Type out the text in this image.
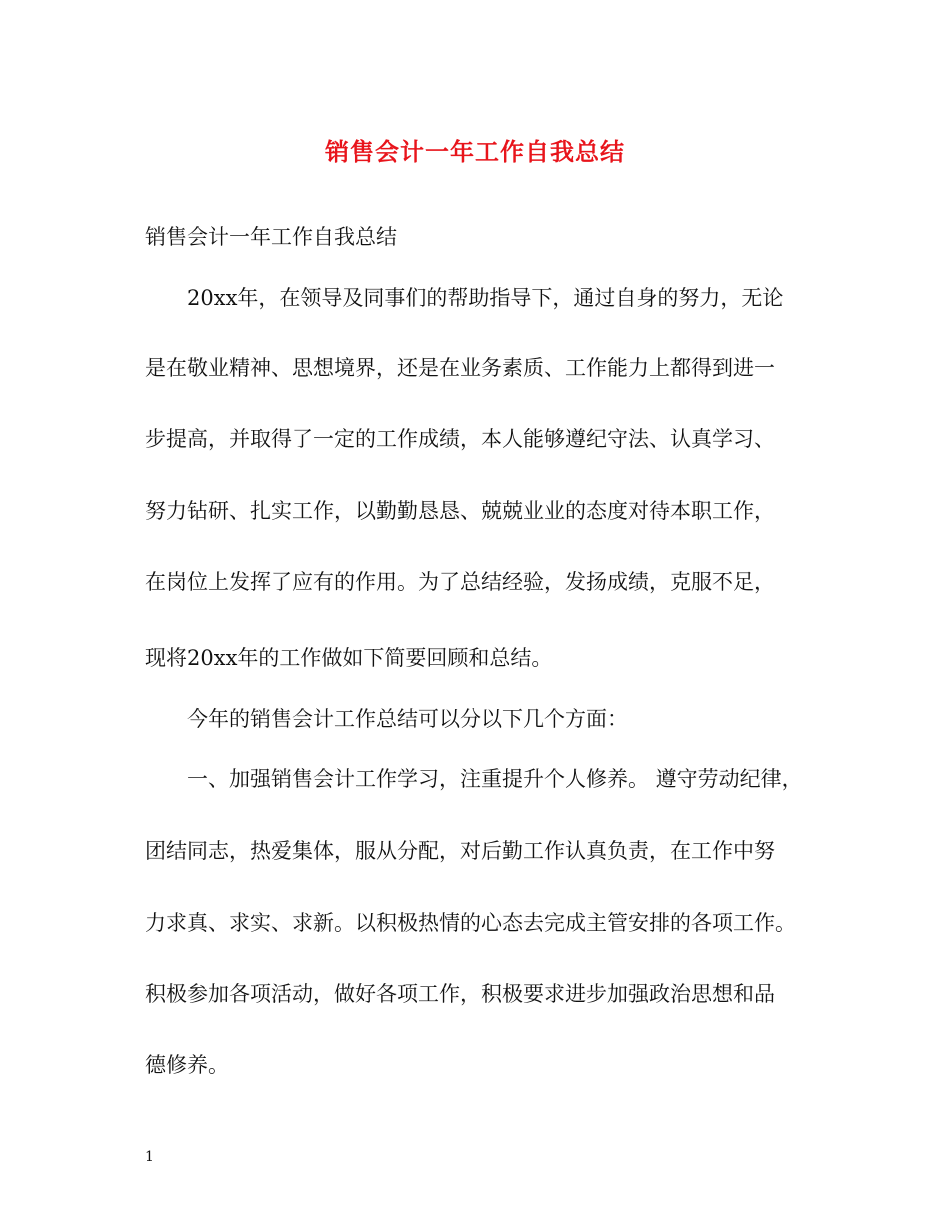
销售会计一年工作自我总结
销售会计一年工作自我总结
20xx年，在领导及同事们的帮助指导下，通过自身的努力，无论
是在敬业精神、思想境界，还是在业务素质、工作能力上都得到进一
步提高，并取得了一定的工作成绩，本人能够遵纪守法、认真学习、
努力钻研、扎实工作，以勤勤恳恳、兢兢业业的态度对待本职工作，
在岗位上发挥了应有的作用。为了总结经验，发扬成绩，克服不足，
现将20xx年的工作做如下简要回顾和总结。
今年的销售会计工作总结可以分以下几个方面：
一、加强销售会计工作学习，注重提升个人修养。 遵守劳动纪律，
团结同志，热爱集体，服从分配，对后勤工作认真负责，在工作中努
力求真、求实、求新。以积极热情的心态去完成主管安排的各项工作。
积极参加各项活动，做好各项工作，积极要求进步加强政治思想和品
德修养。
1
